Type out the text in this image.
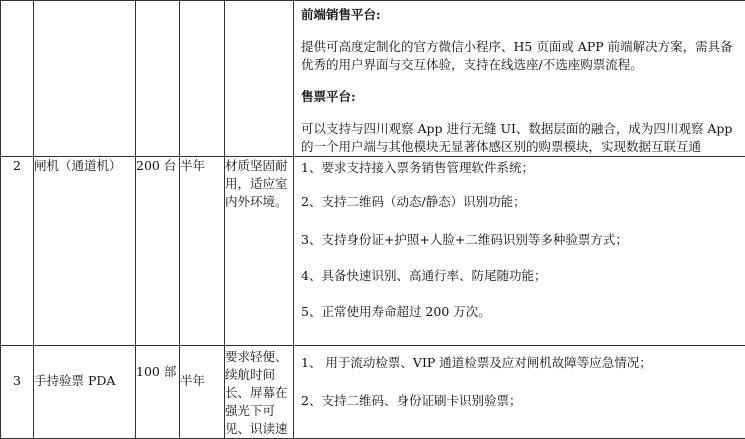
					前端销售平台:

提供可高度定制化的官方微信小程序、H5 页面或 APP 前端解决方案，需具备优秀的用户界面与交互体验，支持在线选座/不选座购票流程。

售票平台:

可以支持与四川观察 App 进行无缝 UI、数据层面的融合，成为四川观察 App 的一个用户端与其他模块无显著体感区别的购票模块，实现数据互联互通

2	闸机（通道机）	200 台	半年	材质坚固耐用，适应室内外环境。	1、要求支持接入票务销售管理软件系统；

2、支持二维码（动态/静态）识别功能；

3、支持身份证+护照+人脸+二维码识别等多种验票方式；

4、具备快速识别、高通行率、防尾随功能；

5、正常使用寿命超过 200 万次。

3	手持验票 PDA	100 部	半年	要求轻便、续航时间长、屏幕在强光下可见、识读速	1、 用于流动检票、VIP 通道检票及应对闸机故障等应急情况；

2、支持二维码、身份证刷卡识别验票；
